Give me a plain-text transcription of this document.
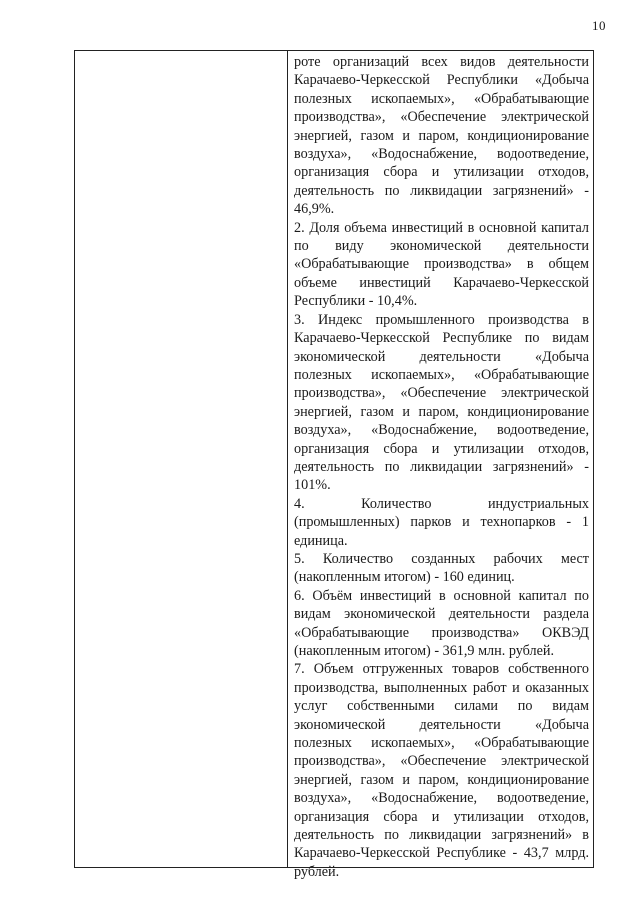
10

роте организаций всех видов деятельности Карачаево-Черкесской Республики «Добыча полезных ископаемых», «Обрабатывающие производства», «Обеспечение электрической энергией, газом и паром, кондиционирование воздуха», «Водоснабжение, водоотведение, организация сбора и утилизации отходов, деятельность по ликвидации загрязнений» - 46,9%.

2. Доля объема инвестиций в основной капитал по виду экономической деятельности «Обрабатывающие производства» в общем объеме инвестиций Карачаево-Черкесской Республики - 10,4%.

3. Индекс промышленного производства в Карачаево-Черкесской Республике по видам экономической деятельности «Добыча полезных ископаемых», «Обрабатывающие производства», «Обеспечение электрической энергией, газом и паром, кондиционирование воздуха», «Водоснабжение, водоотведение, организация сбора и утилизации отходов, деятельность по ликвидации загрязнений» - 101%.

4. Количество индустриальных (промышленных) парков и технопарков - 1 единица.

5. Количество созданных рабочих мест (накопленным итогом) - 160 единиц.

6. Объём инвестиций в основной капитал по видам экономической деятельности раздела «Обрабатывающие производства» ОКВЭД (накопленным итогом) - 361,9 млн. рублей.

7. Объем отгруженных товаров собственного производства, выполненных работ и оказанных услуг собственными силами по видам экономической деятельности «Добыча полезных ископаемых», «Обрабатывающие производства», «Обеспечение электрической энергией, газом и паром, кондиционирование воздуха», «Водоснабжение, водоотведение, организация сбора и утилизации отходов, деятельность по ликвидации загрязнений» в Карачаево-Черкесской Республике - 43,7 млрд. рублей.
